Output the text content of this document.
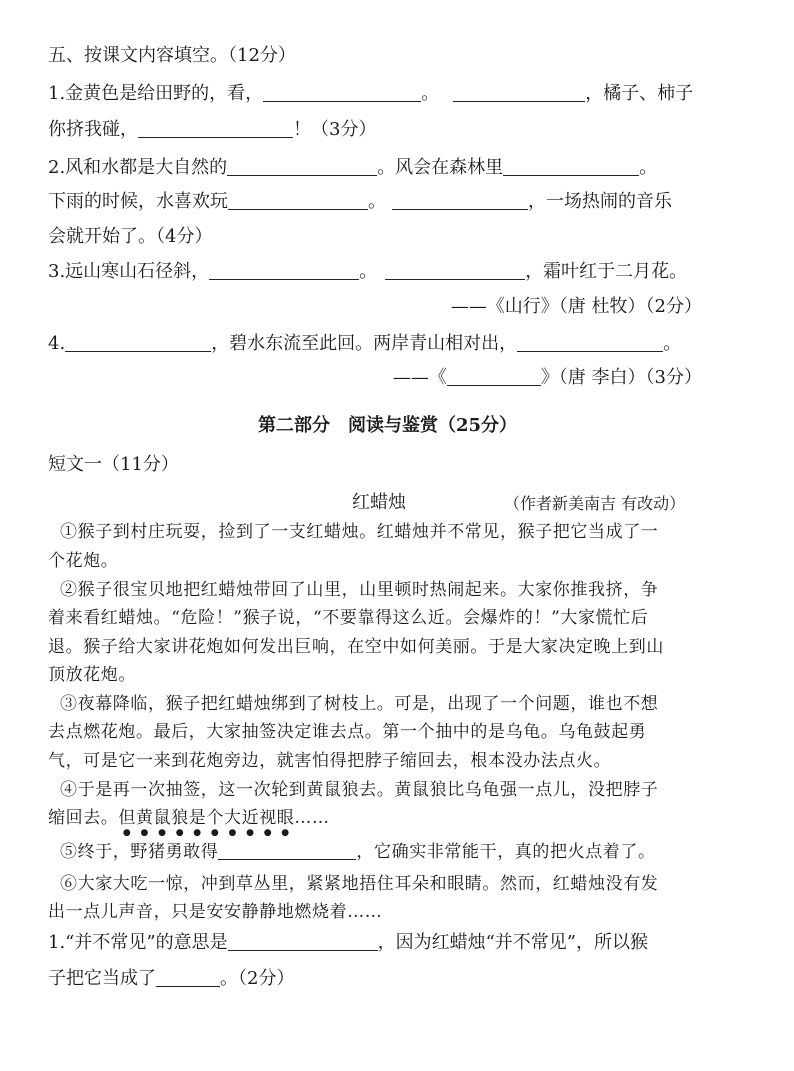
五、按课文内容填空。（12分）
1.金黄色是给田野的，看，	。	，橘子、柿子
你挤我碰，	！（3分）
2.风和水都是大自然的	。风会在森林里	。
下雨的时候，水喜欢玩	。	，一场热闹的音乐
会就开始了。（4分）
3.远山寒山石径斜，	。	，霜叶红于二月花。
——《山行》（唐 杜牧）（2分）
4.	，碧水东流至此回。两岸青山相对出，	。
——《	》（唐 李白）（3分）
第二部分　阅读与鉴赏（25分）
短文一（11分）
红蜡烛	（作者新美南吉 有改动）
①猴子到村庄玩耍，捡到了一支红蜡烛。红蜡烛并不常见，猴子把它当成了一
个花炮。
②猴子很宝贝地把红蜡烛带回了山里，山里顿时热闹起来。大家你推我挤，争
着来看红蜡烛。“危险！”猴子说，“不要靠得这么近。会爆炸的！”大家慌忙后
退。猴子给大家讲花炮如何发出巨响，在空中如何美丽。于是大家决定晚上到山
顶放花炮。
③夜幕降临，猴子把红蜡烛绑到了树枝上。可是，出现了一个问题，谁也不想
去点燃花炮。最后，大家抽签决定谁去点。第一个抽中的是乌龟。乌龟鼓起勇
气，可是它一来到花炮旁边，就害怕得把脖子缩回去，根本没办法点火。
④于是再一次抽签，这一次轮到黄鼠狼去。黄鼠狼比乌龟强一点儿，没把脖子
缩回去。但黄鼠狼是个大近视眼……
⑤终于，野猪勇敢得	，它确实非常能干，真的把火点着了。
⑥大家大吃一惊，冲到草丛里，紧紧地捂住耳朵和眼睛。然而，红蜡烛没有发
出一点儿声音，只是安安静静地燃烧着……
1.“并不常见”的意思是	，因为红蜡烛“并不常见”，所以猴
子把它当成了	。（2分）
